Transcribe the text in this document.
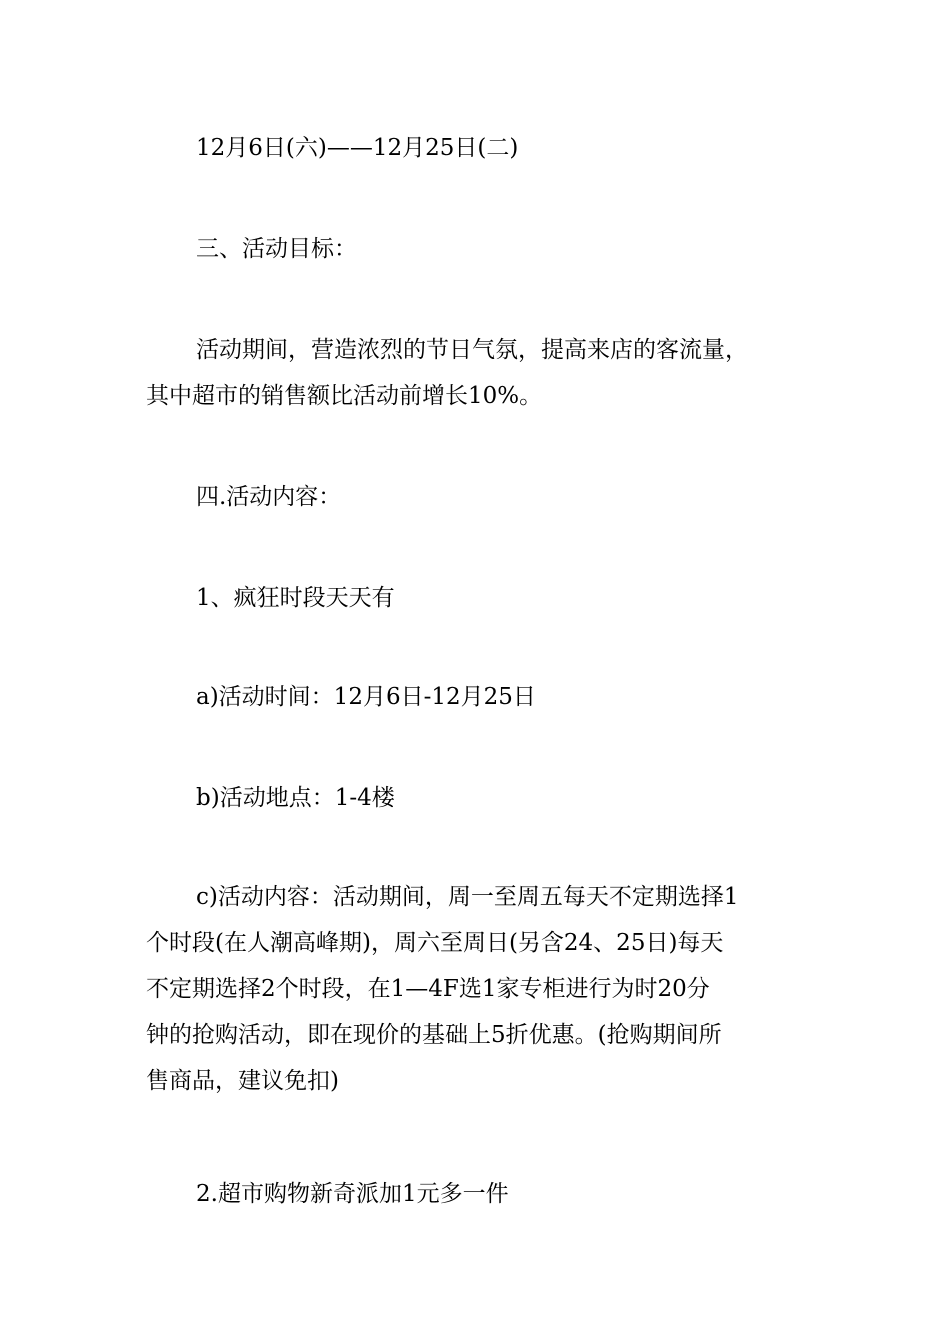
12月6日(六)——12月25日(二)

三、活动目标：

活动期间，营造浓烈的节日气氛，提高来店的客流量，
其中超市的销售额比活动前增长10%。

四.活动内容：

1、疯狂时段天天有

a)活动时间：12月6日-12月25日

b)活动地点：1-4楼

c)活动内容：活动期间，周一至周五每天不定期选择1
个时段(在人潮高峰期)，周六至周日(另含24、25日)每天
不定期选择2个时段，在1—4F选1家专柜进行为时20分
钟的抢购活动，即在现价的基础上5折优惠。(抢购期间所
售商品，建议免扣)

2.超市购物新奇派加1元多一件
